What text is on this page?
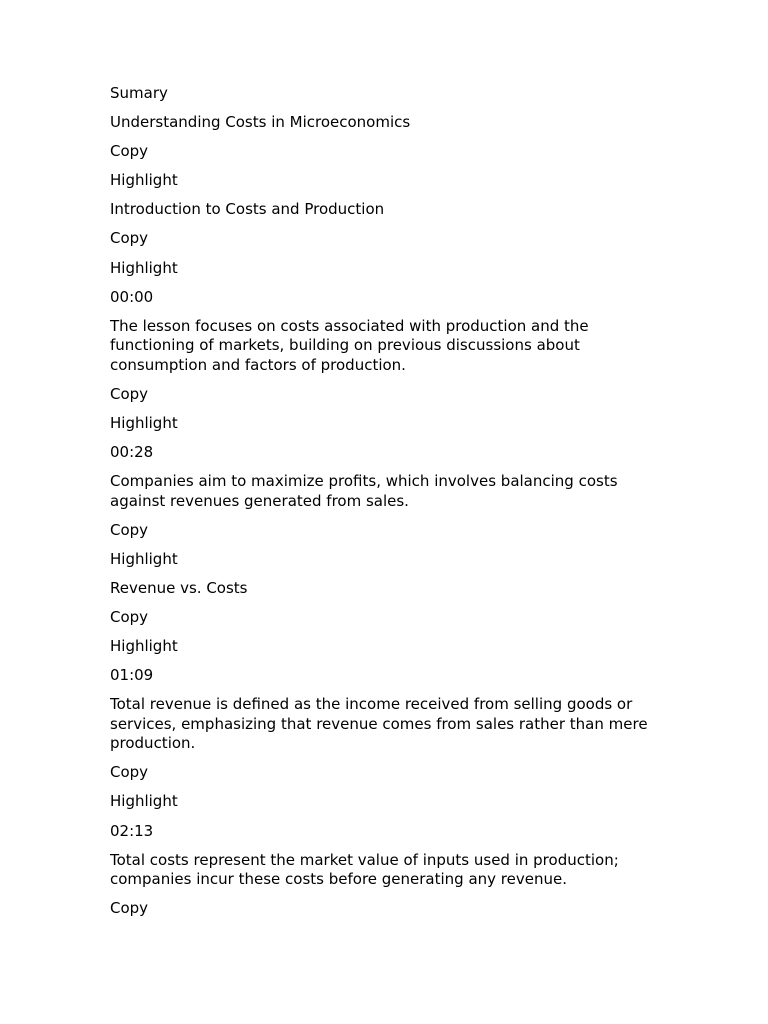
Sumary
Understanding Costs in Microeconomics
Copy
Highlight
Introduction to Costs and Production
Copy
Highlight
00:00
The lesson focuses on costs associated with production and the functioning of markets, building on previous discussions about consumption and factors of production.
Copy
Highlight
00:28
Companies aim to maximize profits, which involves balancing costs against revenues generated from sales.
Copy
Highlight
Revenue vs. Costs
Copy
Highlight
01:09
Total revenue is defined as the income received from selling goods or services, emphasizing that revenue comes from sales rather than mere production.
Copy
Highlight
02:13
Total costs represent the market value of inputs used in production; companies incur these costs before generating any revenue.
Copy
